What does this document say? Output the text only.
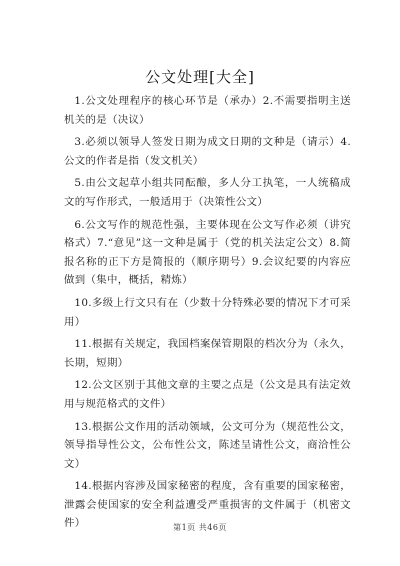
公文处理[大全]

1.公文处理程序的核心环节是（承办）2.不需要指明主送机关的是（决议）

3.必须以领导人签发日期为成文日期的文种是（请示）4.公文的作者是指（发文机关）

5.由公文起草小组共同酝酿，多人分工执笔，一人统稿成文的写作形式，一般适用于（决策性公文）

6.公文写作的规范性强，主要体现在公文写作必须（讲究格式）7.“意见”这一文种是属于（党的机关法定公文）8.简报名称的正下方是简报的（顺序期号）9.会议纪要的内容应做到（集中，概括，精炼）

10.多级上行文只有在（少数十分特殊必要的情况下才可采用）

11.根据有关规定，我国档案保管期限的档次分为（永久，长期，短期）

12.公文区别于其他文章的主要之点是（公文是具有法定效用与规范格式的文件）

13.根据公文作用的活动领域，公文可分为（规范性公文，领导指导性公文，公布性公文，陈述呈请性公文，商洽性公文）

14.根据内容涉及国家秘密的程度，含有重要的国家秘密，泄露会使国家的安全利益遭受严重损害的文件属于（机密文件）	第1页 共46页
